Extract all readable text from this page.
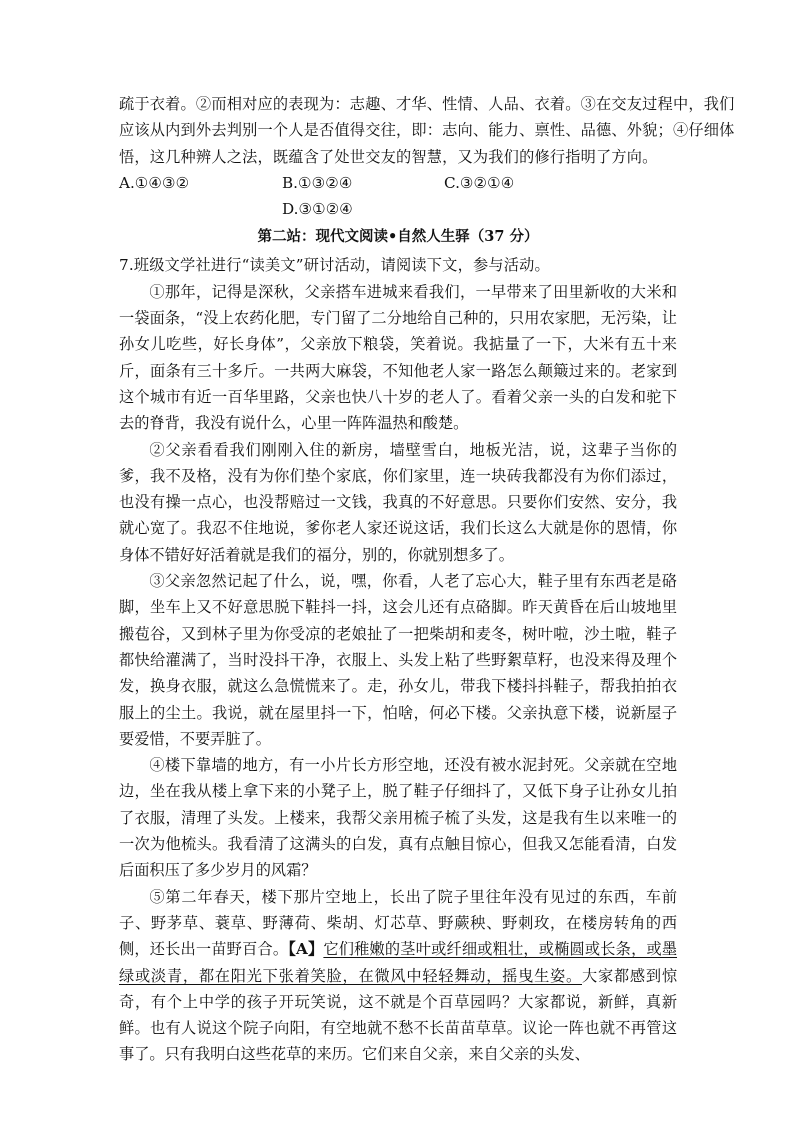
疏于衣着。②而相对应的表现为：志趣、才华、性情、人品、衣着。③在交友过程中，我们
应该从内到外去判别一个人是否值得交往，即：志向、能力、禀性、品德、外貌；④仔细体
悟，这几种辨人之法，既蕴含了处世交友的智慧，又为我们的修行指明了方向。
A.①④③②	B.①③②④	C.③②①④
D.③①②④
第二站：现代文阅读•自然人生驿（37 分）
7.班级文学社进行“读美文”研讨活动，请阅读下文，参与活动。

①那年，记得是深秋，父亲搭车进城来看我们，一早带来了田里新收的大米和一袋面条，“没上农药化肥，专门留了二分地给自己种的，只用农家肥，无污染，让孙女儿吃些，好长身体”，父亲放下粮袋，笑着说。我掂量了一下，大米有五十来斤，面条有三十多斤。一共两大麻袋，不知他老人家一路怎么颠簸过来的。老家到这个城市有近一百华里路，父亲也快八十岁的老人了。看着父亲一头的白发和驼下去的脊背，我没有说什么，心里一阵阵温热和酸楚。

②父亲看看我们刚刚入住的新房，墙壁雪白，地板光洁，说，这辈子当你的爹，我不及格，没有为你们垫个家底，你们家里，连一块砖我都没有为你们添过，也没有操一点心，也没帮赔过一文钱，我真的不好意思。只要你们安然、安分，我就心宽了。我忍不住地说，爹你老人家还说这话，我们长这么大就是你的恩情，你身体不错好好活着就是我们的福分，别的，你就别想多了。

③父亲忽然记起了什么，说，嘿，你看，人老了忘心大，鞋子里有东西老是硌脚，坐车上又不好意思脱下鞋抖一抖，这会儿还有点硌脚。昨天黄昏在后山坡地里搬苞谷，又到林子里为你受凉的老娘扯了一把柴胡和麦冬，树叶啦，沙土啦，鞋子都快给灌满了，当时没抖干净，衣服上、头发上粘了些野絮草籽，也没来得及理个发，换身衣服，就这么急慌慌来了。走，孙女儿，带我下楼抖抖鞋子，帮我拍拍衣服上的尘土。我说，就在屋里抖一下，怕啥，何必下楼。父亲执意下楼，说新屋子要爱惜，不要弄脏了。

④楼下靠墙的地方，有一小片长方形空地，还没有被水泥封死。父亲就在空地边，坐在我从楼上拿下来的小凳子上，脱了鞋子仔细抖了，又低下身子让孙女儿拍了衣服，清理了头发。上楼来，我帮父亲用梳子梳了头发，这是我有生以来唯一的一次为他梳头。我看清了这满头的白发，真有点触目惊心，但我又怎能看清，白发后面积压了多少岁月的风霜？

⑤第二年春天，楼下那片空地上，长出了院子里往年没有见过的东西，车前子、野茅草、蓑草、野薄荷、柴胡、灯芯草、野蕨秧、野刺玫，在楼房转角的西侧，还长出一苗野百合。【A】它们稚嫩的茎叶或纤细或粗壮，或椭圆或长条，或墨绿或淡青，都在阳光下张着笑脸，在微风中轻轻舞动，摇曳生姿。大家都感到惊奇，有个上中学的孩子开玩笑说，这不就是个百草园吗？大家都说，新鲜，真新鲜。也有人说这个院子向阳，有空地就不愁不长苗苗草草。议论一阵也就不再管这事了。只有我明白这些花草的来历。它们来自父亲，来自父亲的头发、
